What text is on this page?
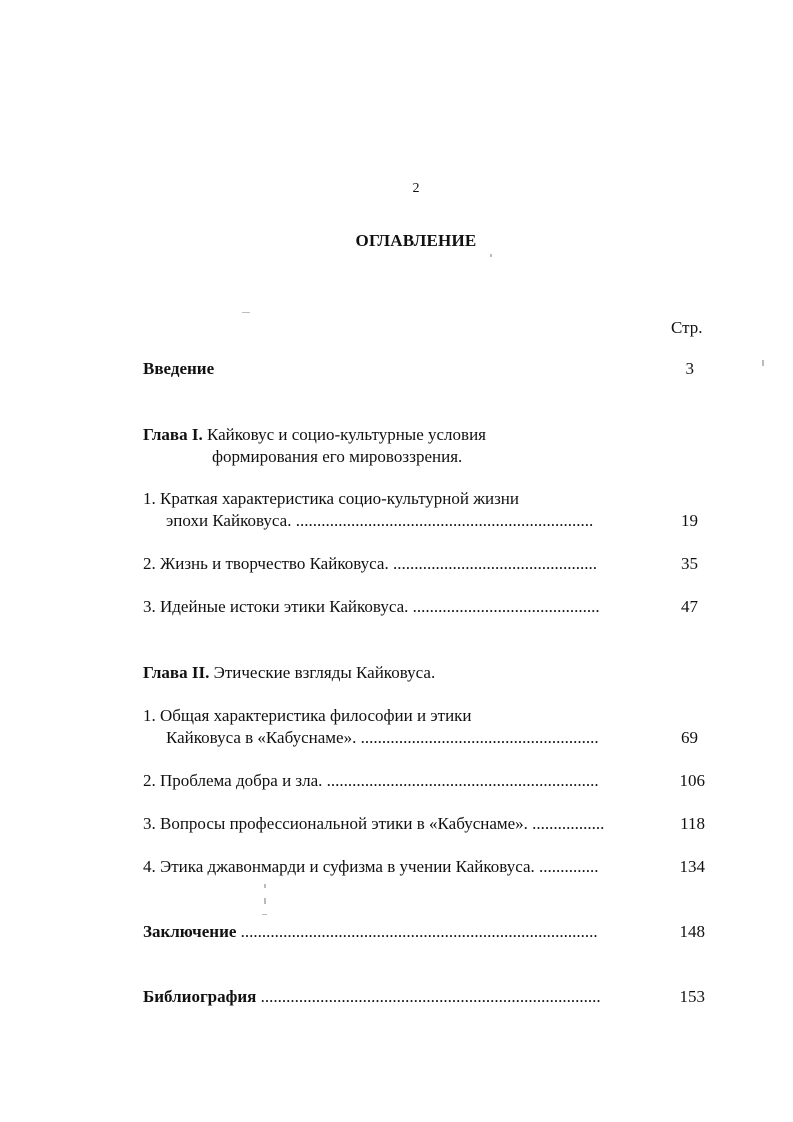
2
ОГЛАВЛЕНИЕ
Стр.
Введение	3
Глава I. Кайковус и социо-культурные условия
формирования его мировоззрения.
1. Краткая характеристика социо-культурной жизни
эпохи Кайковуса. ......................................................................	19
2. Жизнь и творчество Кайковуса. ................................................	35
3. Идейные истоки этики Кайковуса. ............................................	47
Глава II. Этические взгляды Кайковуса.
1. Общая характеристика философии и этики
Кайковуса в «Кабуснаме». ........................................................	69
2. Проблема добра и зла. ................................................................	106
3. Вопросы профессиональной этики в «Кабуснаме». .................	118
4. Этика джавонмарди и суфизма в учении Кайковуса. ..............	134
Заключение ....................................................................................	148
Библиография ................................................................................	153
